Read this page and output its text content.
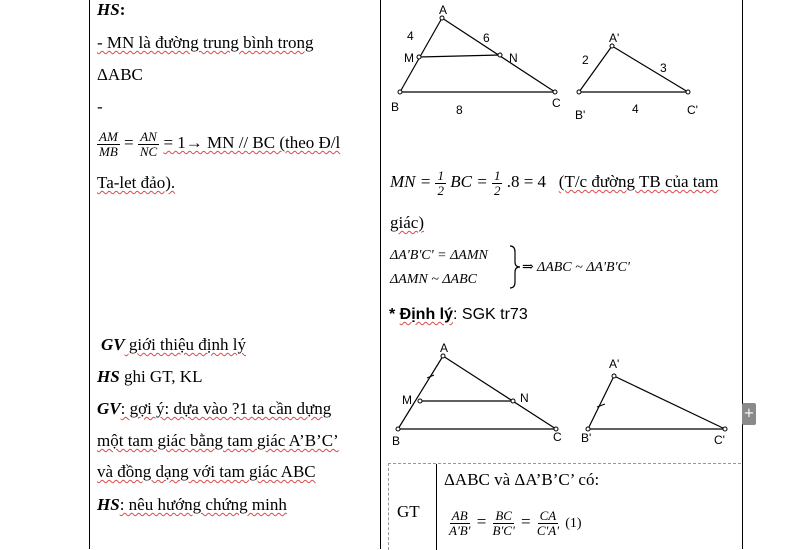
HS:
- MN là đường trung bình trong
ΔABC
-
$\frac{AM}{MB} = \frac{AN}{NC} = 1\to$ MN // BC (theo Đ/l
Ta-let đảo).
GV giới thiệu định lý
HS ghi GT, KL
GV: gợi ý: dựa vào ?1 ta cần dựng
một tam giác bằng tam giác A’B’C’
và đồng dạng với tam giác ABC
HS: nêu hướng chứng minh
A
B	C
M	N
4	6
8
A'
B'	C'
2
3
4
MN = $\frac{1}{2}$ BC = $\frac{1}{2} .8 = 4$ (T/c đường TB của tam
giác)
ΔA'B'C' = ΔAMN
ΔAMN ~ ΔABC
⇒ ΔABC ~ ΔA'B'C'
* Định lý: SGK tr73
A
B	C
M	N
A'
B'	C'
GT
ΔABC và ΔA’B’C’ có:
$\frac{AB}{A'B'} = \frac{BC}{B'C'} = \frac{CA}{C'A'} (1)$
+
